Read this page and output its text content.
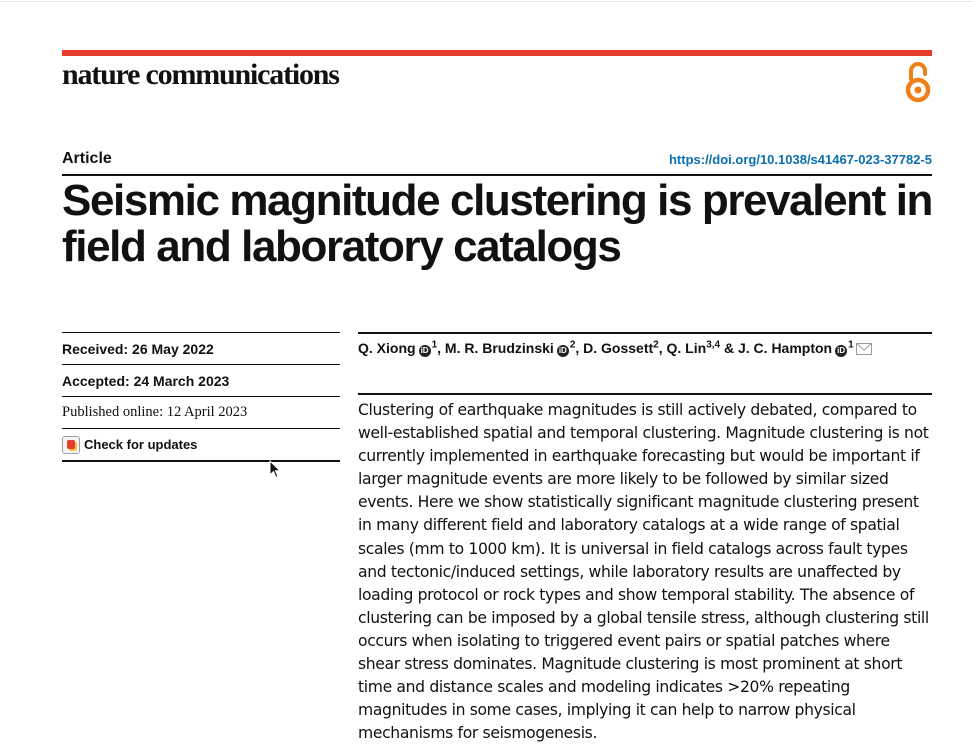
nature communications
Article	https://doi.org/10.1038/s41467-023-37782-5
Seismic magnitude clustering is prevalent in field and laboratory catalogs
Received: 26 May 2022
Accepted: 24 March 2023
Published online: 12 April 2023
Check for updates
Q. Xiong $iD^1$, M. R. Brudzinski $iD^2$, D. Gossett$^2$, Q. Lin$^{3,4}$ & J. C. Hampton $iD^1$

Clustering of earthquake magnitudes is still actively debated, compared to well-established spatial and temporal clustering. Magnitude clustering is not currently implemented in earthquake forecasting but would be important if larger magnitude events are more likely to be followed by similar sized events. Here we show statistically significant magnitude clustering present in many different field and laboratory catalogs at a wide range of spatial scales (mm to 1000 km). It is universal in field catalogs across fault types and tectonic/induced settings, while laboratory results are unaffected by loading protocol or rock types and show temporal stability. The absence of clustering can be imposed by a global tensile stress, although clustering still occurs when isolating to triggered event pairs or spatial patches where shear stress dominates. Magnitude clustering is most prominent at short time and distance scales and modeling indicates >20% repeating magnitudes in some cases, implying it can help to narrow physical mechanisms for seismogenesis.
